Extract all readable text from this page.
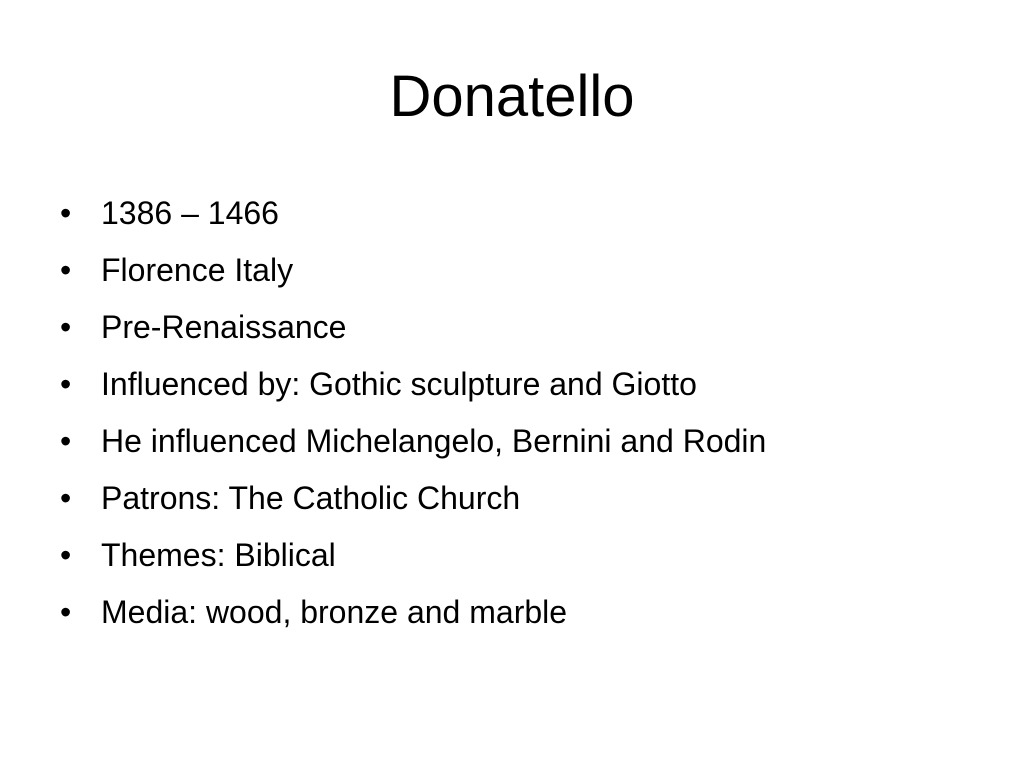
Donatello
• 1386 – 1466
• Florence Italy
• Pre-Renaissance
• Influenced by: Gothic sculpture and Giotto
• He influenced Michelangelo, Bernini and Rodin
• Patrons: The Catholic Church
• Themes: Biblical
• Media: wood, bronze and marble
